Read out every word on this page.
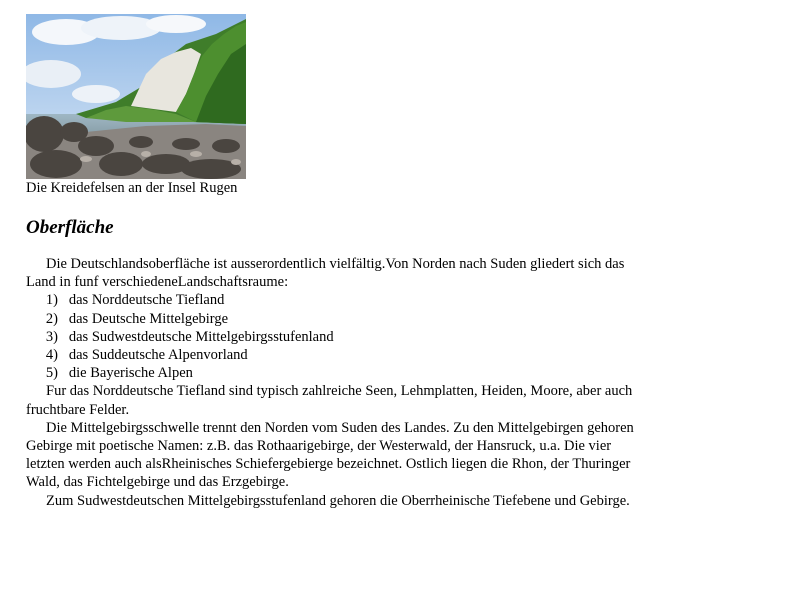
Die Kreidefelsen an der Insel Rugen

Oberfläche

Die Deutschlandsoberfläche ist ausserordentlich vielfältig.Von Norden nach Suden gliedert sich das Land in funf verschiedeneLandschaftsraume:

1) das Norddeutsche Tiefland
2) das Deutsche Mittelgebirge
3) das Sudwestdeutsche Mittelgebirgsstufenland
4) das Suddeutsche Alpenvorland
5) die Bayerische Alpen

Fur das Norddeutsche Tiefland sind typisch zahlreiche Seen, Lehmplatten, Heiden, Moore, aber auch fruchtbare Felder.

Die Mittelgebirgsschwelle trennt den Norden vom Suden des Landes. Zu den Mittelgebirgen gehoren Gebirge mit poetische Namen: z.B. das Rothaarigebirge, der Westerwald, der Hansruck, u.a. Die vier letzten werden auch alsRheinisches Schiefergebierge bezeichnet. Ostlich liegen die Rhon, der Thuringer Wald, das Fichtelgebirge und das Erzgebirge.

Zum Sudwestdeutschen Mittelgebirgsstufenland gehoren die Oberrheinische Tiefebene und Gebirge.
